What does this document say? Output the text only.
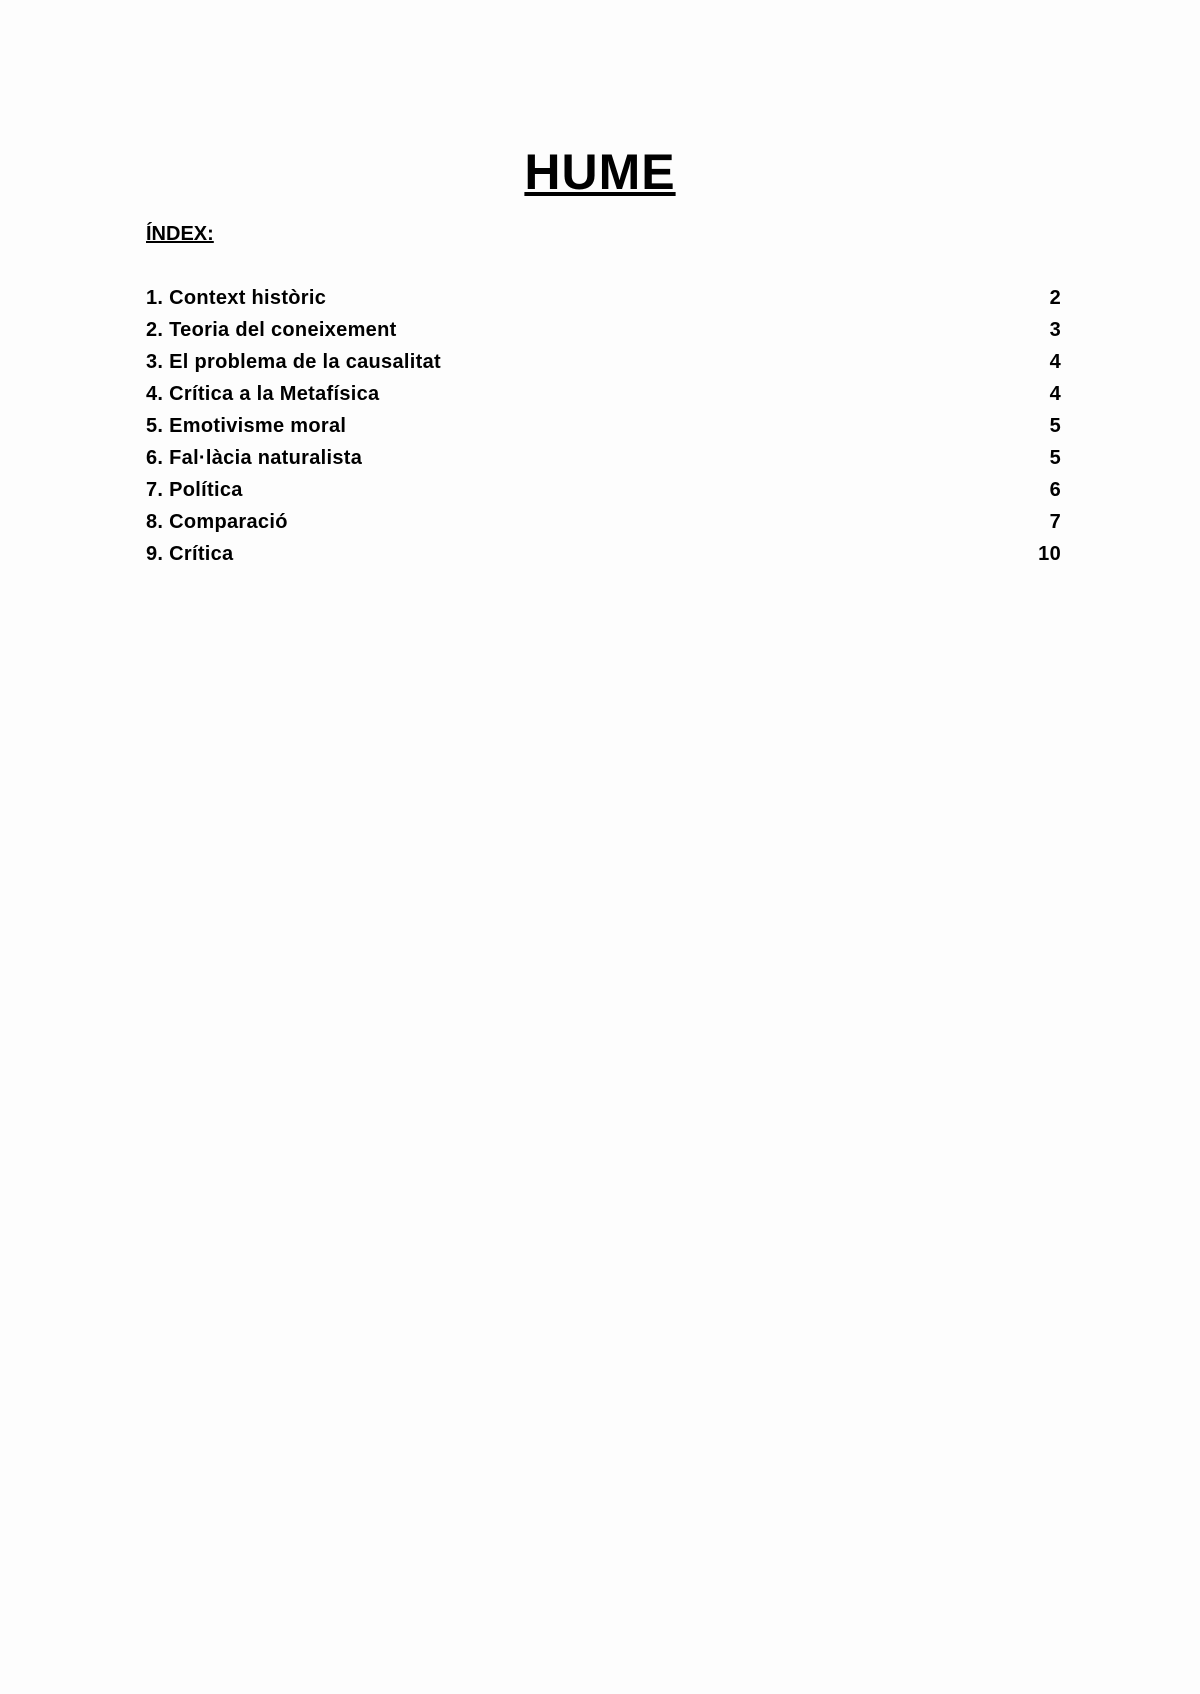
HUME
ÍNDEX:
1. Context històric	2
2. Teoria del coneixement	3
3. El problema de la causalitat	4
4. Crítica a la Metafísica	4
5. Emotivisme moral	5
6. Fal·làcia naturalista	5
7. Política	6
8. Comparació	7
9. Crítica	10
